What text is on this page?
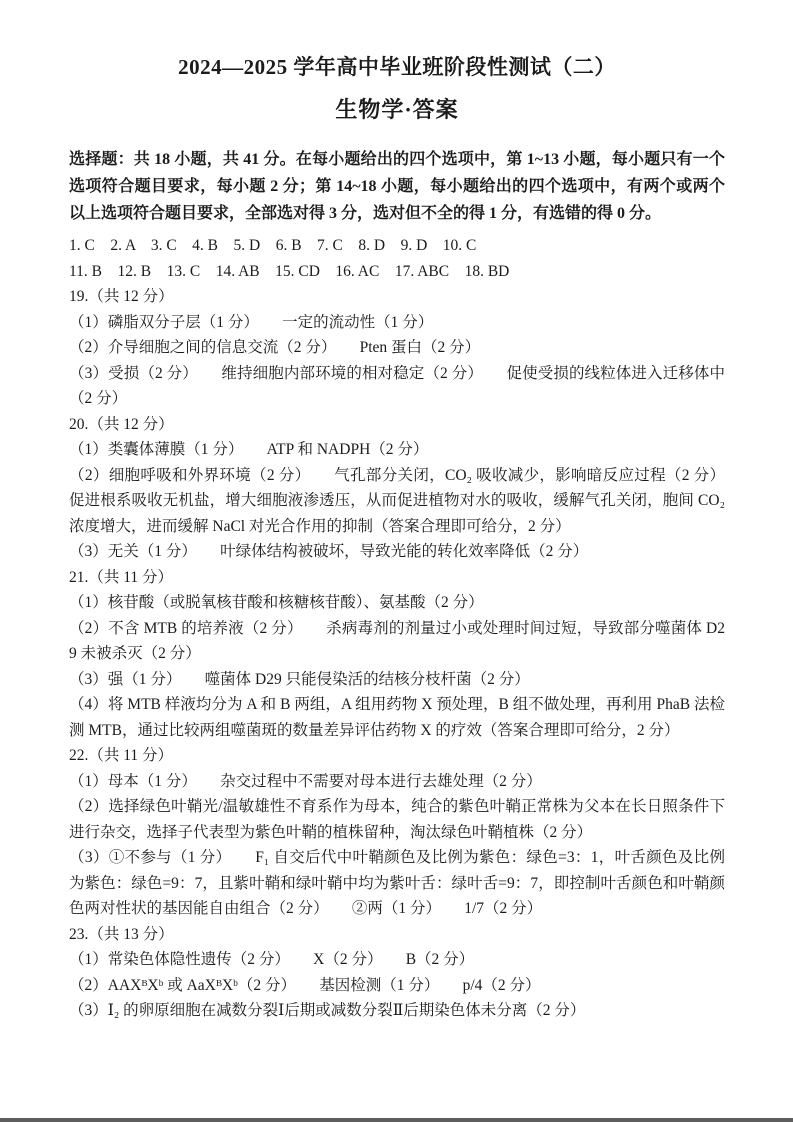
2024—2025 学年高中毕业班阶段性测试（二）
生物学·答案

选择题：共 18 小题，共 41 分。在每小题给出的四个选项中，第 1~13 小题，每小题只有一个选项符合题目要求，每小题 2 分；第 14~18 小题，每小题给出的四个选项中，有两个或两个以上选项符合题目要求，全部选对得 3 分，选对但不全的得 1 分，有选错的得 0 分。

1. C　2. A　3. C　4. B　5. D　6. B　7. C　8. D　9. D　10. C

11. B　12. B　13. C　14. AB　15. CD　16. AC　17. ABC　18. BD

19.（共 12 分）

（1）磷脂双分子层（1 分）　　一定的流动性（1 分）

（2）介导细胞之间的信息交流（2 分）　　Pten 蛋白（2 分）

（3）受损（2 分）　　维持细胞内部环境的相对稳定（2 分）　　促使受损的线粒体进入迁移体中（2 分）

20.（共 12 分）

（1）类囊体薄膜（1 分）　　ATP 和 NADPH（2 分）

（2）细胞呼吸和外界环境（2 分）　　气孔部分关闭，CO₂ 吸收减少，影响暗反应过程（2 分）促进根系吸收无机盐，增大细胞液渗透压，从而促进植物对水的吸收，缓解气孔关闭，胞间 CO₂ 浓度增大，进而缓解 NaCl 对光合作用的抑制（答案合理即可给分，2 分）

（3）无关（1 分）　　叶绿体结构被破坏，导致光能的转化效率降低（2 分）

21.（共 11 分）

（1）核苷酸（或脱氧核苷酸和核糖核苷酸）、氨基酸（2 分）

（2）不含 MTB 的培养液（2 分）　　杀病毒剂的剂量过小或处理时间过短，导致部分噬菌体 D29 未被杀灭（2 分）

（3）强（1 分）　　噬菌体 D29 只能侵染活的结核分枝杆菌（2 分）

（4）将 MTB 样液均分为 A 和 B 两组，A 组用药物 X 预处理，B 组不做处理，再利用 PhaB 法检测 MTB，通过比较两组噬菌斑的数量差异评估药物 X 的疗效（答案合理即可给分，2 分）

22.（共 11 分）

（1）母本（1 分）　　杂交过程中不需要对母本进行去雄处理（2 分）

（2）选择绿色叶鞘光/温敏雄性不育系作为母本，纯合的紫色叶鞘正常株为父本在长日照条件下进行杂交，选择子代表型为紫色叶鞘的植株留种，淘汰绿色叶鞘植株（2 分）

（3）①不参与（1 分）　　F₁ 自交后代中叶鞘颜色及比例为紫色：绿色=3：1，叶舌颜色及比例为紫色：绿色=9：7，且紫叶鞘和绿叶鞘中均为紫叶舌：绿叶舌=9：7，即控制叶舌颜色和叶鞘颜色两对性状的基因能自由组合（2 分）　　②两（1 分）　　1/7（2 分）

23.（共 13 分）

（1）常染色体隐性遗传（2 分）　　X（2 分）　　B（2 分）

（2）AAXᴮXᵇ 或 AaXᴮXᵇ（2 分）　　基因检测（1 分）　　p/4（2 分）

（3）Ⅰ₂ 的卵原细胞在减数分裂Ⅰ后期或减数分裂Ⅱ后期染色体未分离（2 分）
